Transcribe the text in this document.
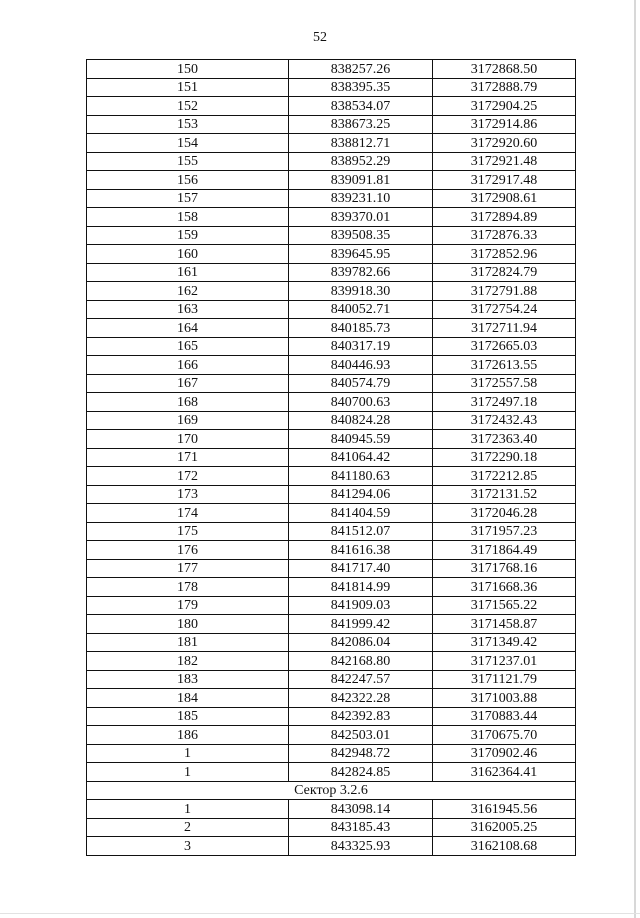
52
150	838257.26	3172868.50
151	838395.35	3172888.79
152	838534.07	3172904.25
153	838673.25	3172914.86
154	838812.71	3172920.60
155	838952.29	3172921.48
156	839091.81	3172917.48
157	839231.10	3172908.61
158	839370.01	3172894.89
159	839508.35	3172876.33
160	839645.95	3172852.96
161	839782.66	3172824.79
162	839918.30	3172791.88
163	840052.71	3172754.24
164	840185.73	3172711.94
165	840317.19	3172665.03
166	840446.93	3172613.55
167	840574.79	3172557.58
168	840700.63	3172497.18
169	840824.28	3172432.43
170	840945.59	3172363.40
171	841064.42	3172290.18
172	841180.63	3172212.85
173	841294.06	3172131.52
174	841404.59	3172046.28
175	841512.07	3171957.23
176	841616.38	3171864.49
177	841717.40	3171768.16
178	841814.99	3171668.36
179	841909.03	3171565.22
180	841999.42	3171458.87
181	842086.04	3171349.42
182	842168.80	3171237.01
183	842247.57	3171121.79
184	842322.28	3171003.88
185	842392.83	3170883.44
186	842503.01	3170675.70
1	842948.72	3170902.46
1	842824.85	3162364.41
Сектор 3.2.6		
1	843098.14	3161945.56
2	843185.43	3162005.25
3	843325.93	3162108.68
